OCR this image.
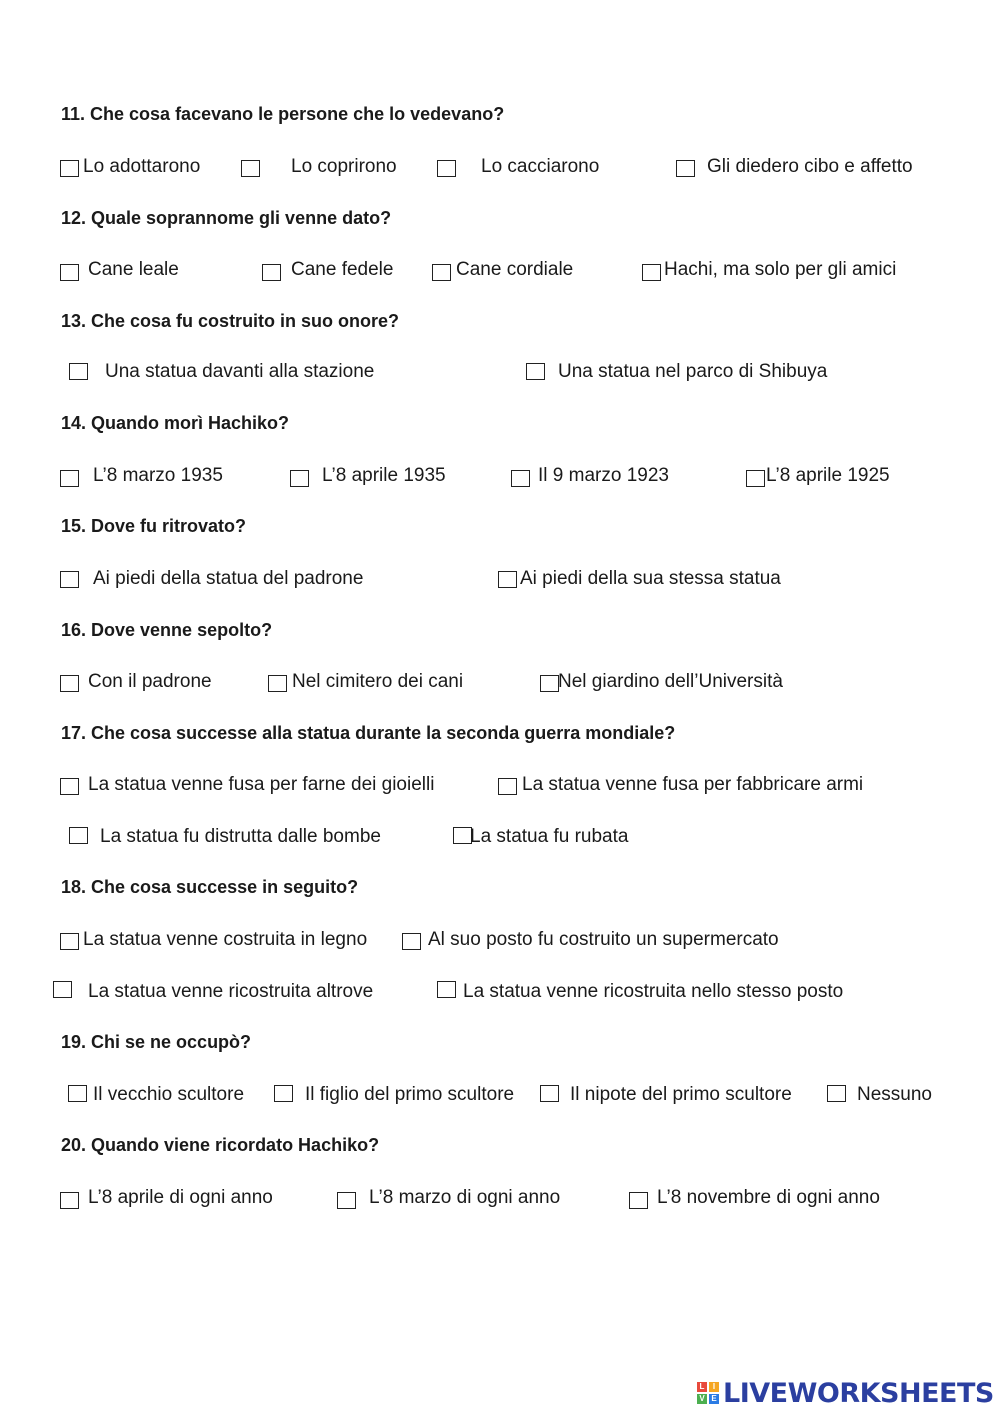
11. Che cosa facevano le persone che lo vedevano?
Lo adottarono	Lo coprirono	Lo cacciarono	Gli diedero cibo e affetto
12. Quale soprannome gli venne dato?
Cane leale	Cane fedele	Cane cordiale	Hachi, ma solo per gli amici
13. Che cosa fu costruito in suo onore?
Una statua davanti alla stazione	Una statua nel parco di Shibuya
14. Quando morì Hachiko?
L’8 marzo 1935	L’8 aprile 1935	Il 9 marzo 1923	L’8 aprile 1925
15. Dove fu ritrovato?
Ai piedi della statua del padrone	Ai piedi della sua stessa statua
16. Dove venne sepolto?
Con il padrone	Nel cimitero dei cani	Nel giardino dell’Università
17. Che cosa successe alla statua durante la seconda guerra mondiale?
La statua venne fusa per farne dei gioielli	La statua venne fusa per fabbricare armi
La statua fu distrutta dalle bombe	La statua fu rubata
18. Che cosa successe in seguito?
La statua venne costruita in legno	Al suo posto fu costruito un supermercato
La statua venne ricostruita altrove	La statua venne ricostruita nello stesso posto
19. Chi se ne occupò?
Il vecchio scultore	Il figlio del primo scultore	Il nipote del primo scultore	Nessuno
20. Quando viene ricordato Hachiko?
L’8 aprile di ogni anno	L’8 marzo di ogni anno	L’8 novembre di ogni anno
L	I
V E LIVEWORKSHEETS
